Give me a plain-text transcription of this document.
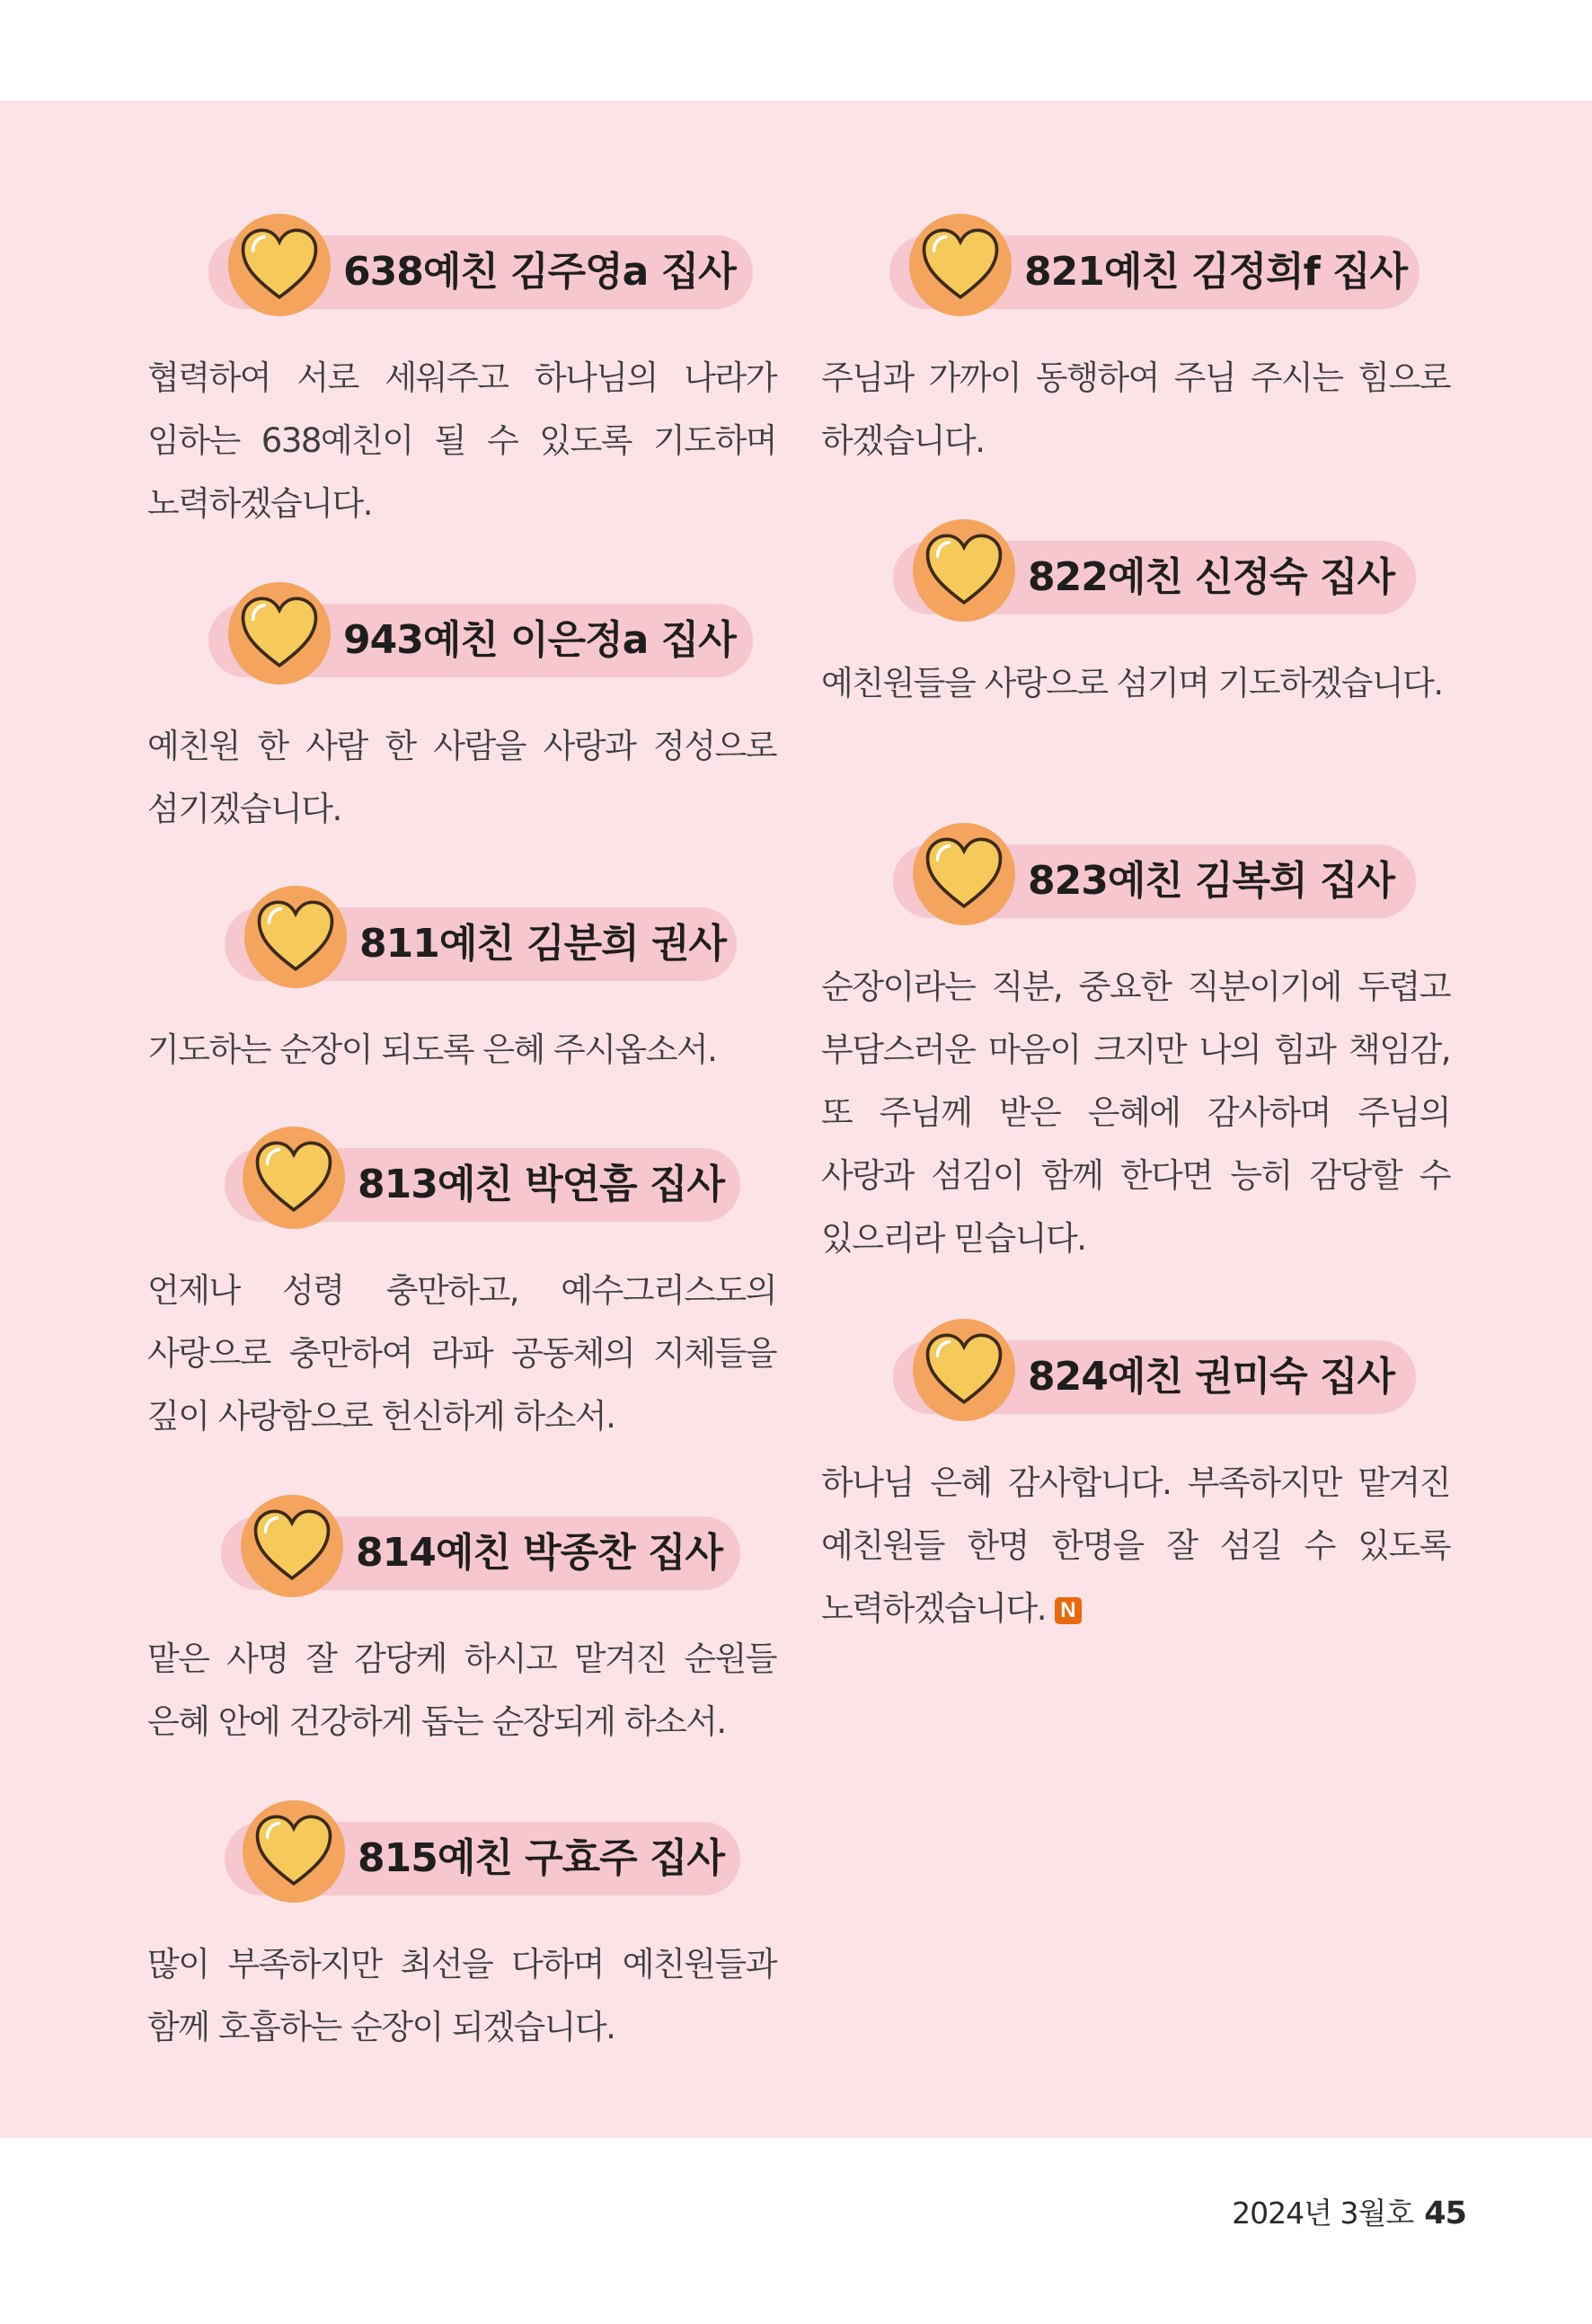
638예친 김주영a 집사

협력하여 서로 세워주고 하나님의 나라가 임하는 638예친이 될 수 있도록 기도하며 노력하겠습니다.

943예친 이은정a 집사

예친원 한 사람 한 사람을 사랑과 정성으로 섬기겠습니다.

811예친 김분희 권사

기도하는 순장이 되도록 은혜 주시옵소서.

813예친 박연흠 집사

언제나 성령 충만하고, 예수그리스도의 사랑으로 충만하여 라파 공동체의 지체들을 깊이 사랑함으로 헌신하게 하소서.

814예친 박종찬 집사

맡은 사명 잘 감당케 하시고 맡겨진 순원들 은혜 안에 건강하게 돕는 순장되게 하소서.

815예친 구효주 집사

많이 부족하지만 최선을 다하며 예친원들과 함께 호흡하는 순장이 되겠습니다.

821예친 김정희f 집사

주님과 가까이 동행하여 주님 주시는 힘으로 하겠습니다.

822예친 신정숙 집사

예친원들을 사랑으로 섬기며 기도하겠습니다.

823예친 김복희 집사

순장이라는 직분, 중요한 직분이기에 두렵고 부담스러운 마음이 크지만 나의 힘과 책임감, 또 주님께 받은 은혜에 감사하며 주님의 사랑과 섬김이 함께 한다면 능히 감당할 수 있으리라 믿습니다.

824예친 권미숙 집사

하나님 은혜 감사합니다. 부족하지만 맡겨진 예친원들 한명 한명을 잘 섬길 수 있도록 노력하겠습니다. N

2024년 3월호 45
